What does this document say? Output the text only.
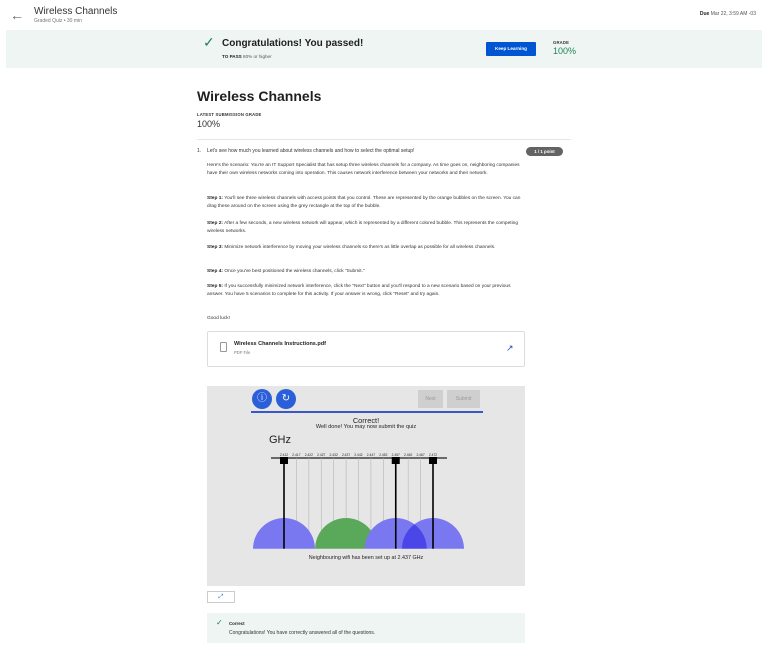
← Wireless Channels
Graded Quiz • 30 min
Due Mar 22, 3:59 AM -03
✓ Congratulations! You passed!
TO PASS 80% or higher
Keep Learning
GRADE
100%
Wireless Channels
LATEST SUBMISSION GRADE
100%
1. Let's see how much you learned about wireless channels and how to select the optimal setup!	1 / 1 point
Here's the scenario: You're an IT Support Specialist that has setup three wireless channels for a company. As time goes on, neighboring companies have their own wireless networks coming into operation. This causes network interference between your networks and their network.
Step 1: You'll see three wireless channels with access points that you control. These are represented by the orange bubbles on the screen. You can drag these around on the screen using the grey rectangle at the top of the bubble.
Step 2: After a few seconds, a new wireless network will appear, which is represented by a different colored bubble. This represents the competing wireless networks.
Step 3: Minimize network interference by moving your wireless channels so there's as little overlap as possible for all wireless channels.
Step 4: Once you've best positioned the wireless channels, click "Submit."
Step 5: If you successfully minimized network interference, click the "Next" button and you'll respond to a new scenario based on your previous answer. You have 5 scenarios to complete for this activity. If your answer is wrong, click "Reset" and try again.
Good luck!
Wireless Channels Instructions.pdf
PDF File	↗
2.412 2.417 2.422 2.427 2.432 2.437 2.442 2.447 2.452 2.457 2.462 2.467 2.472
ⓘ	↻	Next	Submit
Correct!
Well done! You may now submit the quiz
GHz
Neighbouring wifi has been set up at 2.437 GHz
⤢
✓ Correct
Congratulations! You have correctly answered all of the questions.
